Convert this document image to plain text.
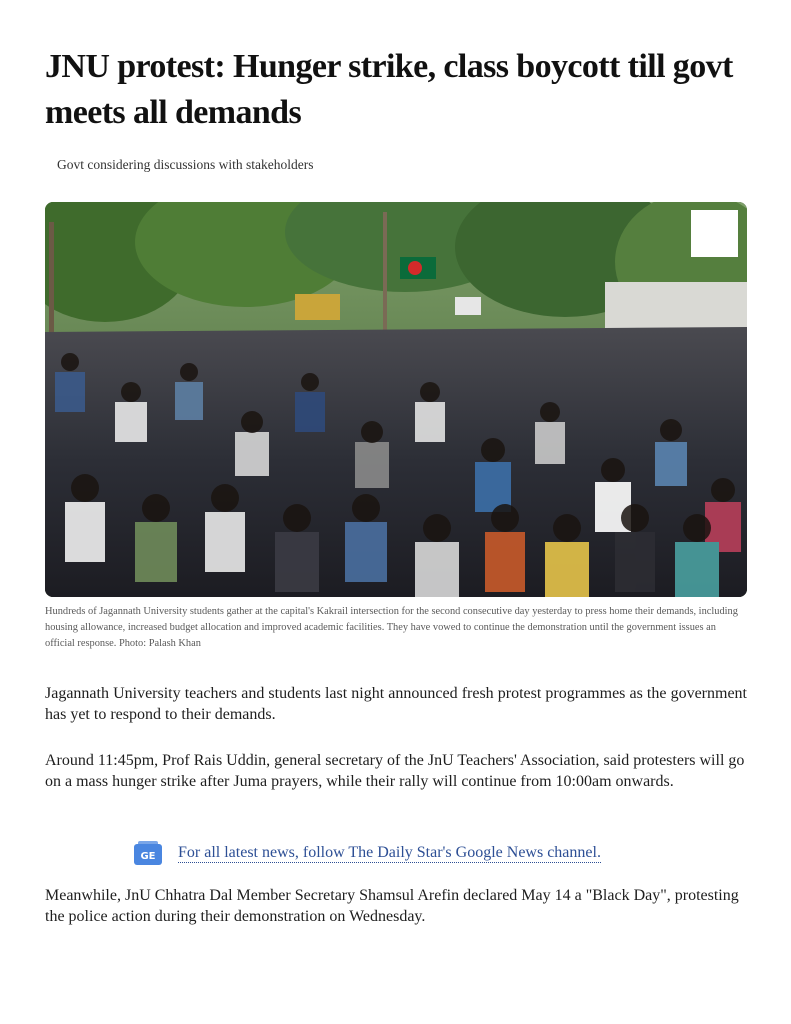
JNU protest: Hunger strike, class boycott till govt meets all demands
Govt considering discussions with stakeholders
Hundreds of Jagannath University students gather at the capital's Kakrail intersection for the second consecutive day yesterday to press home their demands, including housing allowance, increased budget allocation and improved academic facilities. They have vowed to continue the demonstration until the government issues an official response. Photo: Palash Khan

Jagannath University teachers and students last night announced fresh protest programmes as the government has yet to respond to their demands.

Around 11:45pm, Prof Rais Uddin, general secretary of the JnU Teachers' Association, said protesters will go on a mass hunger strike after Juma prayers, while their rally will continue from 10:00am onwards.

GE For all latest news, follow The Daily Star's Google News channel.

Meanwhile, JnU Chhatra Dal Member Secretary Shamsul Arefin declared May 14 a "Black Day", protesting the police action during their demonstration on Wednesday.
